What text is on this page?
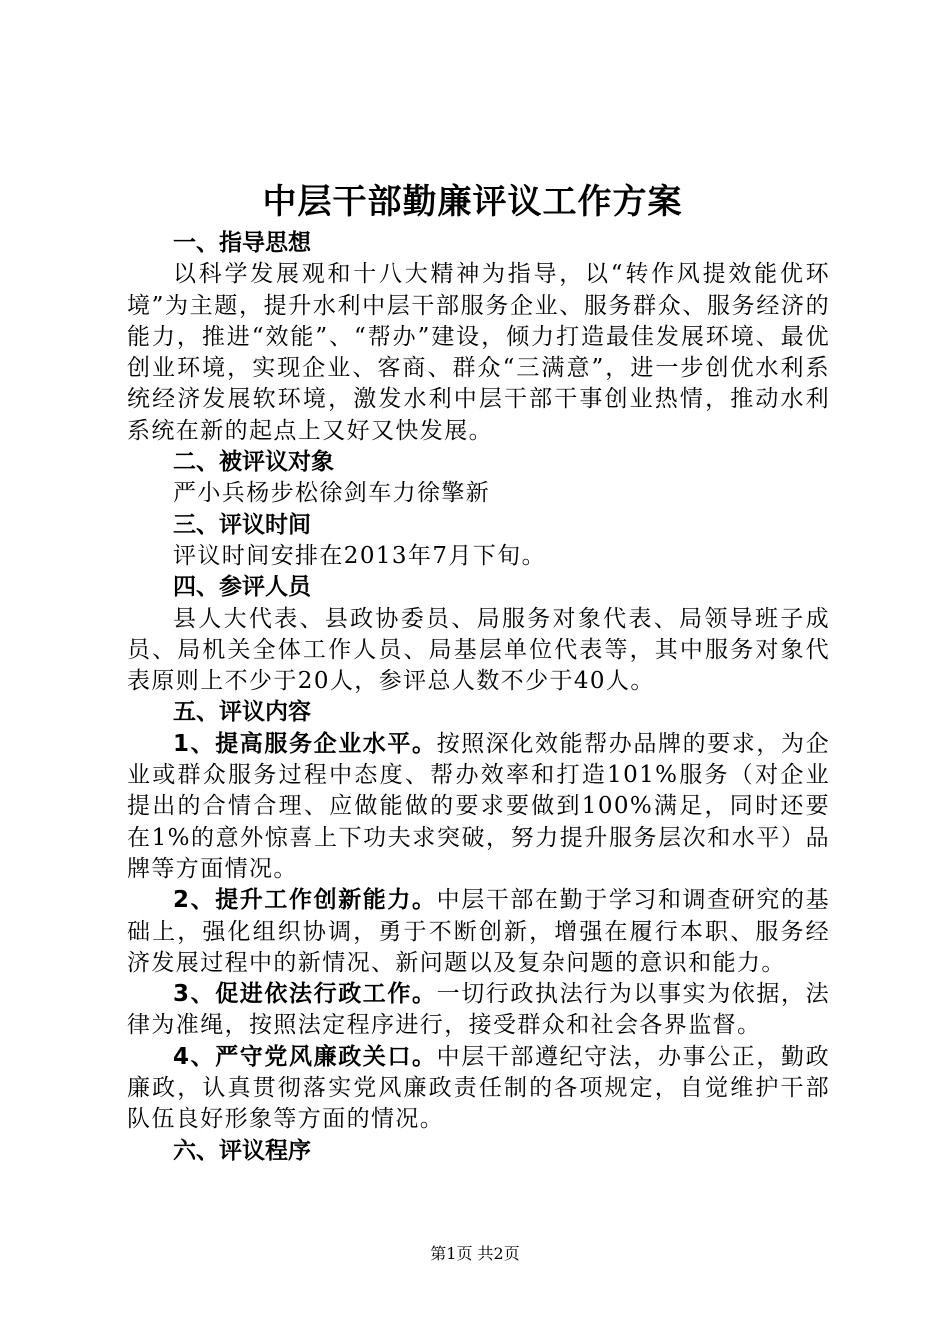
中层干部勤廉评议工作方案

一、指导思想

以科学发展观和十八大精神为指导，以“转作风提效能优环境”为主题，提升水利中层干部服务企业、服务群众、服务经济的能力，推进“效能”、“帮办”建设，倾力打造最佳发展环境、最优创业环境，实现企业、客商、群众“三满意”，进一步创优水利系统经济发展软环境，激发水利中层干部干事创业热情，推动水利系统在新的起点上又好又快发展。

二、被评议对象

严小兵杨步松徐剑车力徐擎新

三、评议时间

评议时间安排在2013年7月下旬。

四、参评人员

县人大代表、县政协委员、局服务对象代表、局领导班子成员、局机关全体工作人员、局基层单位代表等，其中服务对象代表原则上不少于20人，参评总人数不少于40人。

五、评议内容

1、提高服务企业水平。按照深化效能帮办品牌的要求，为企业或群众服务过程中态度、帮办效率和打造101%服务（对企业提出的合情合理、应做能做的要求要做到100%满足，同时还要在1%的意外惊喜上下功夫求突破，努力提升服务层次和水平）品牌等方面情况。

2、提升工作创新能力。中层干部在勤于学习和调查研究的基础上，强化组织协调，勇于不断创新，增强在履行本职、服务经济发展过程中的新情况、新问题以及复杂问题的意识和能力。

3、促进依法行政工作。一切行政执法行为以事实为依据，法律为准绳，按照法定程序进行，接受群众和社会各界监督。

4、严守党风廉政关口。中层干部遵纪守法，办事公正，勤政廉政，认真贯彻落实党风廉政责任制的各项规定，自觉维护干部队伍良好形象等方面的情况。

六、评议程序

第1页 共2页
